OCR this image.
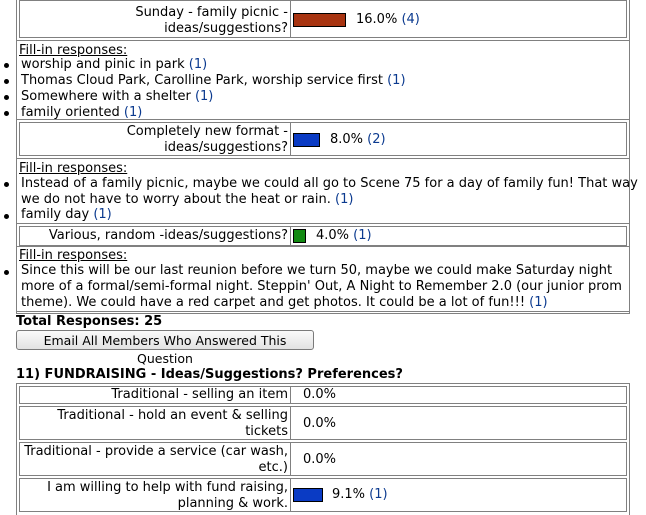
Sunday - family picnic -
ideas/suggestions?
16.0% (4)
Fill-in responses:
worship and pinic in park (1)
Thomas Cloud Park, Carolline Park, worship service first (1)
Somewhere with a shelter (1)
family oriented (1)
Completely new format -
ideas/suggestions?
8.0% (2)
Fill-in responses:
Instead of a family picnic, maybe we could all go to Scene 75 for a day of family fun! That way
we do not have to worry about the heat or rain. (1)
family day (1)
Various, random -ideas/suggestions? 4.0% (1)
Fill-in responses:
Since this will be our last reunion before we turn 50, maybe we could make Saturday night
more of a formal/semi-formal night. Steppin' Out, A Night to Remember 2.0 (our junior prom
theme). We could have a red carpet and get photos. It could be a lot of fun!!! (1)
Total Responses: 25
Email All Members Who Answered This Question
11) FUNDRAISING - Ideas/Suggestions? Preferences?
Traditional - selling an item 0.0%
Traditional - hold an event & selling
tickets
0.0%
Traditional - provide a service (car wash,
etc.)
0.0%
I am willing to help with fund raising,
planning & work.
9.1% (1)
